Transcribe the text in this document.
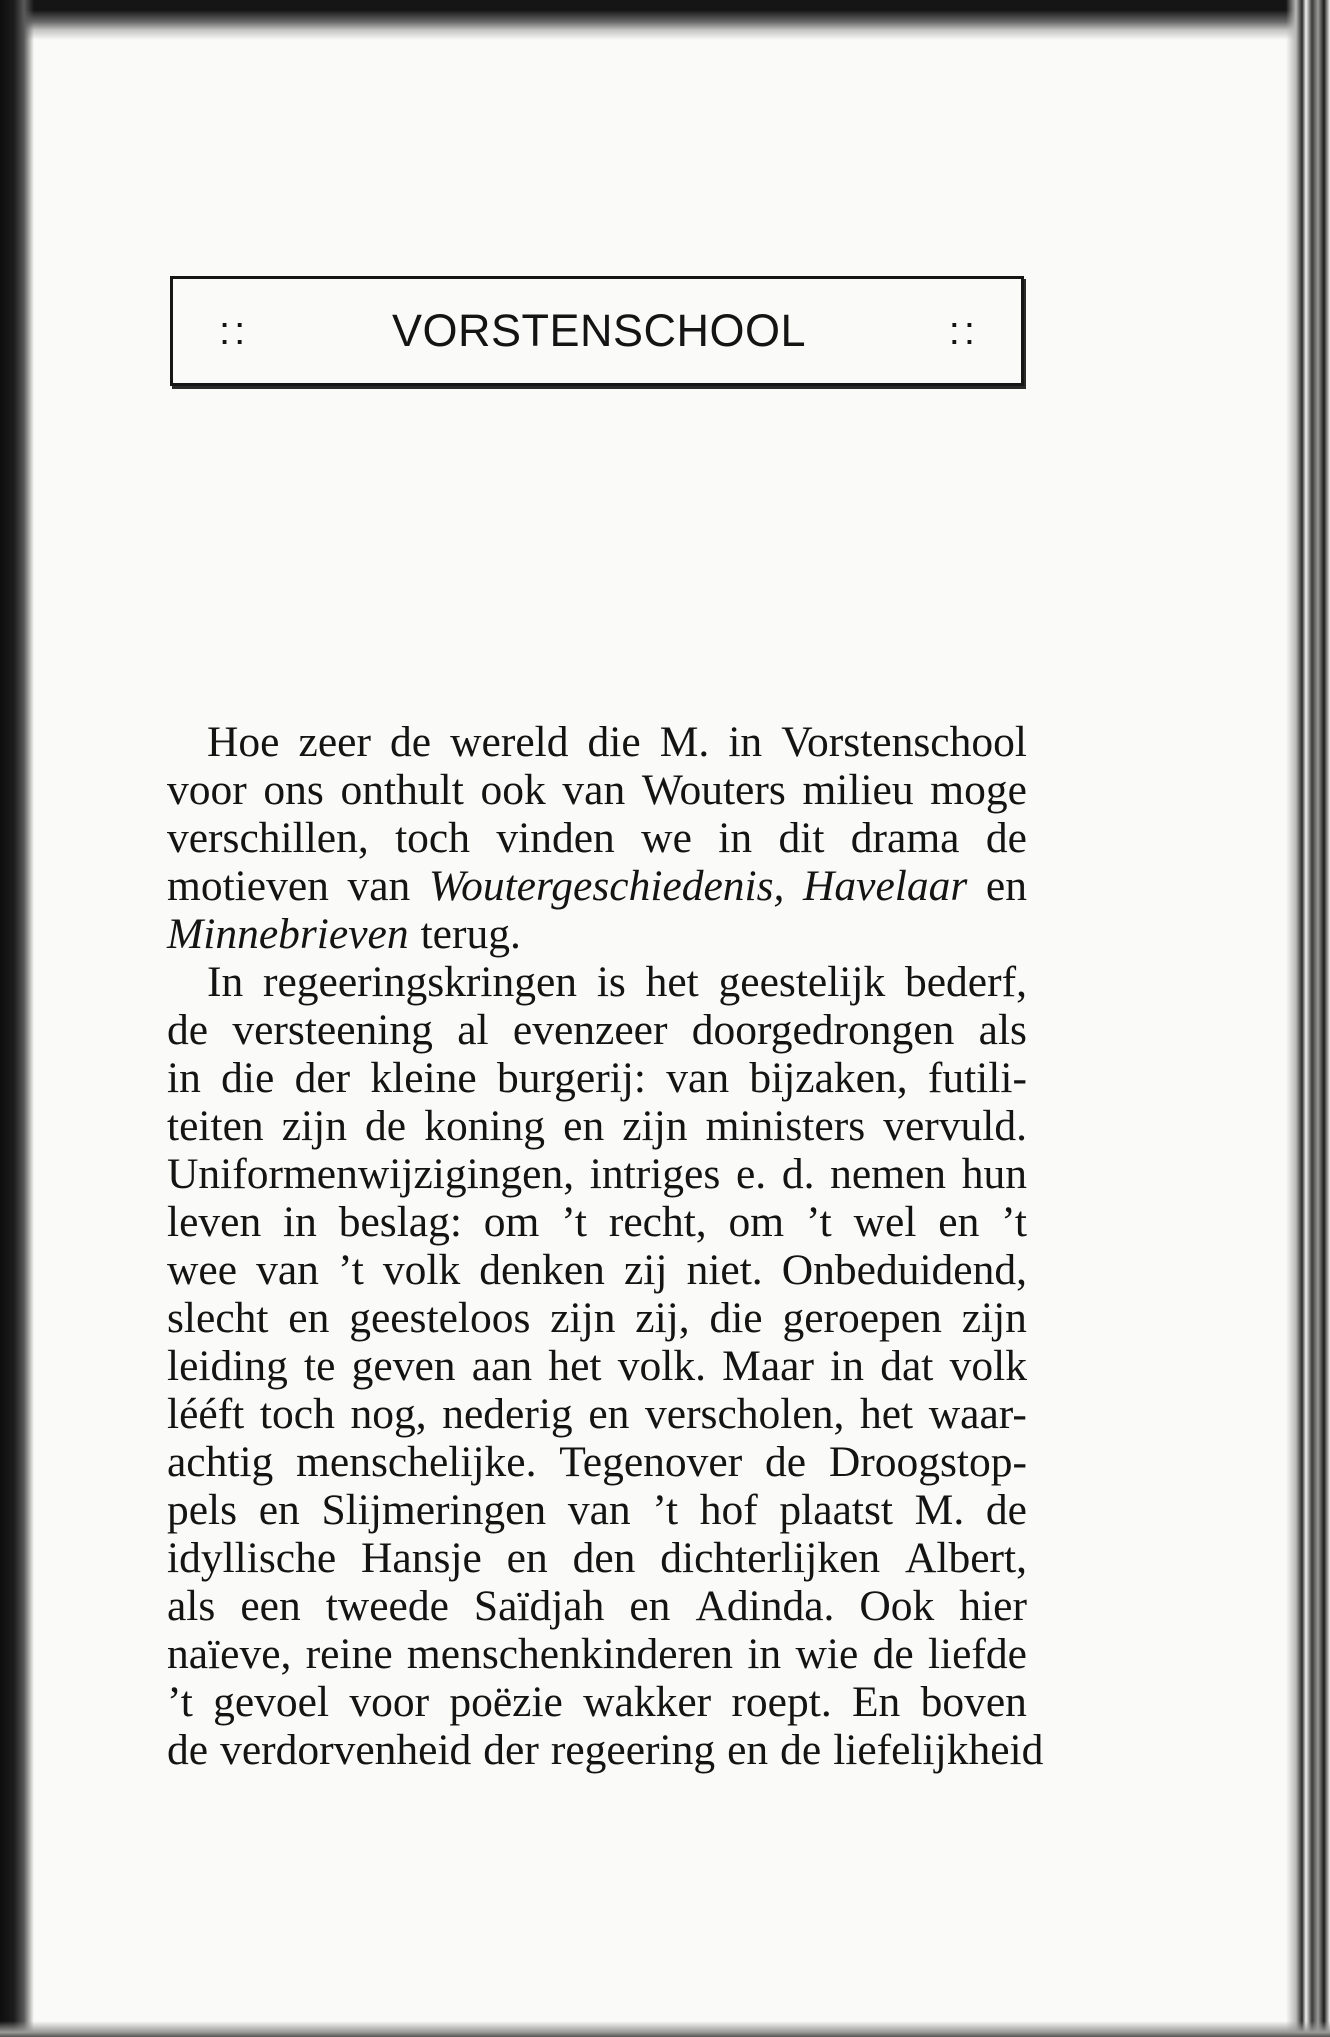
::	VORSTENSCHOOL	::
Hoe zeer de wereld die M. in Vorstenschool
voor ons onthult ook van Wouters milieu moge
verschillen, toch vinden we in dit drama de
motieven van Woutergeschiedenis, Havelaar en
Minnebrieven terug.
In regeeringskringen is het geestelijk bederf,
de versteening al evenzeer doorgedrongen als
in die der kleine burgerij: van bijzaken, futili-
teiten zijn de koning en zijn ministers vervuld.
Uniformenwijzigingen, intriges e. d. nemen hun
leven in beslag: om ’t recht, om ’t wel en ’t
wee van ’t volk denken zij niet. Onbeduidend,
slecht en geesteloos zijn zij, die geroepen zijn
leiding te geven aan het volk. Maar in dat volk
lééft toch nog, nederig en verscholen, het waar-
achtig menschelijke. Tegenover de Droogstop-
pels en Slijmeringen van ’t hof plaatst M. de
idyllische Hansje en den dichterlijken Albert,
als een tweede Saïdjah en Adinda. Ook hier
naïeve, reine menschenkinderen in wie de liefde
’t gevoel voor poëzie wakker roept. En boven
de verdorvenheid der regeering en de liefelijkheid
